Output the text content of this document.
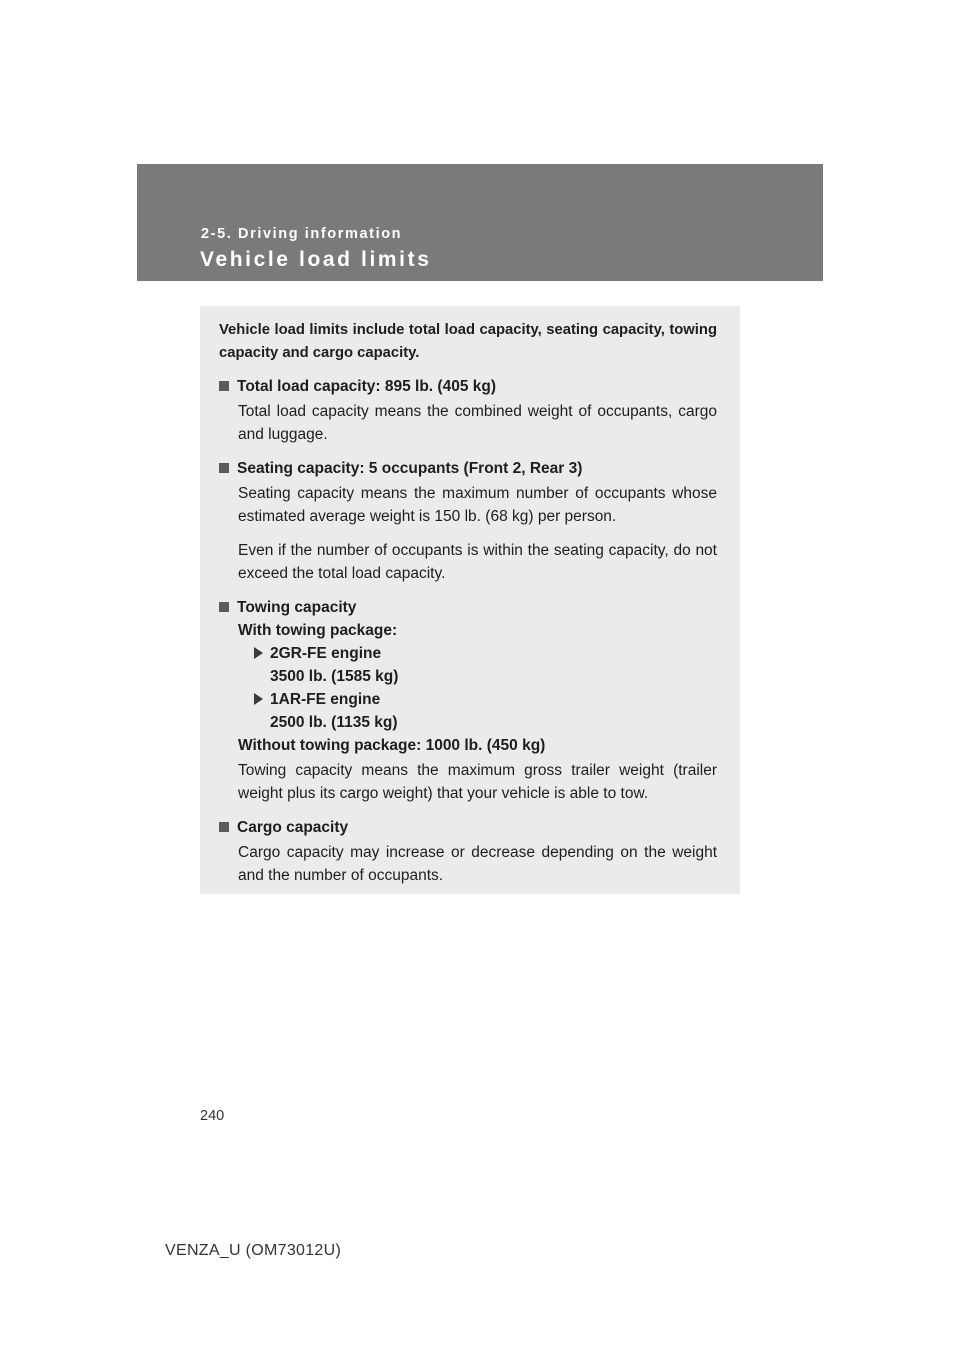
2-5. Driving information
Vehicle load limits

Vehicle load limits include total load capacity, seating capacity, towing capacity and cargo capacity.

Total load capacity: 895 lb. (405 kg)

Total load capacity means the combined weight of occupants, cargo and luggage.

Seating capacity: 5 occupants (Front 2, Rear 3)

Seating capacity means the maximum number of occupants whose estimated average weight is 150 lb. (68 kg) per person.

Even if the number of occupants is within the seating capacity, do not exceed the total load capacity.

Towing capacity

With towing package:

2GR-FE engine

3500 lb. (1585 kg)

1AR-FE engine

2500 lb. (1135 kg)

Without towing package: 1000 lb. (450 kg)

Towing capacity means the maximum gross trailer weight (trailer weight plus its cargo weight) that your vehicle is able to tow.

Cargo capacity

Cargo capacity may increase or decrease depending on the weight and the number of occupants.

240
VENZA_U (OM73012U)
